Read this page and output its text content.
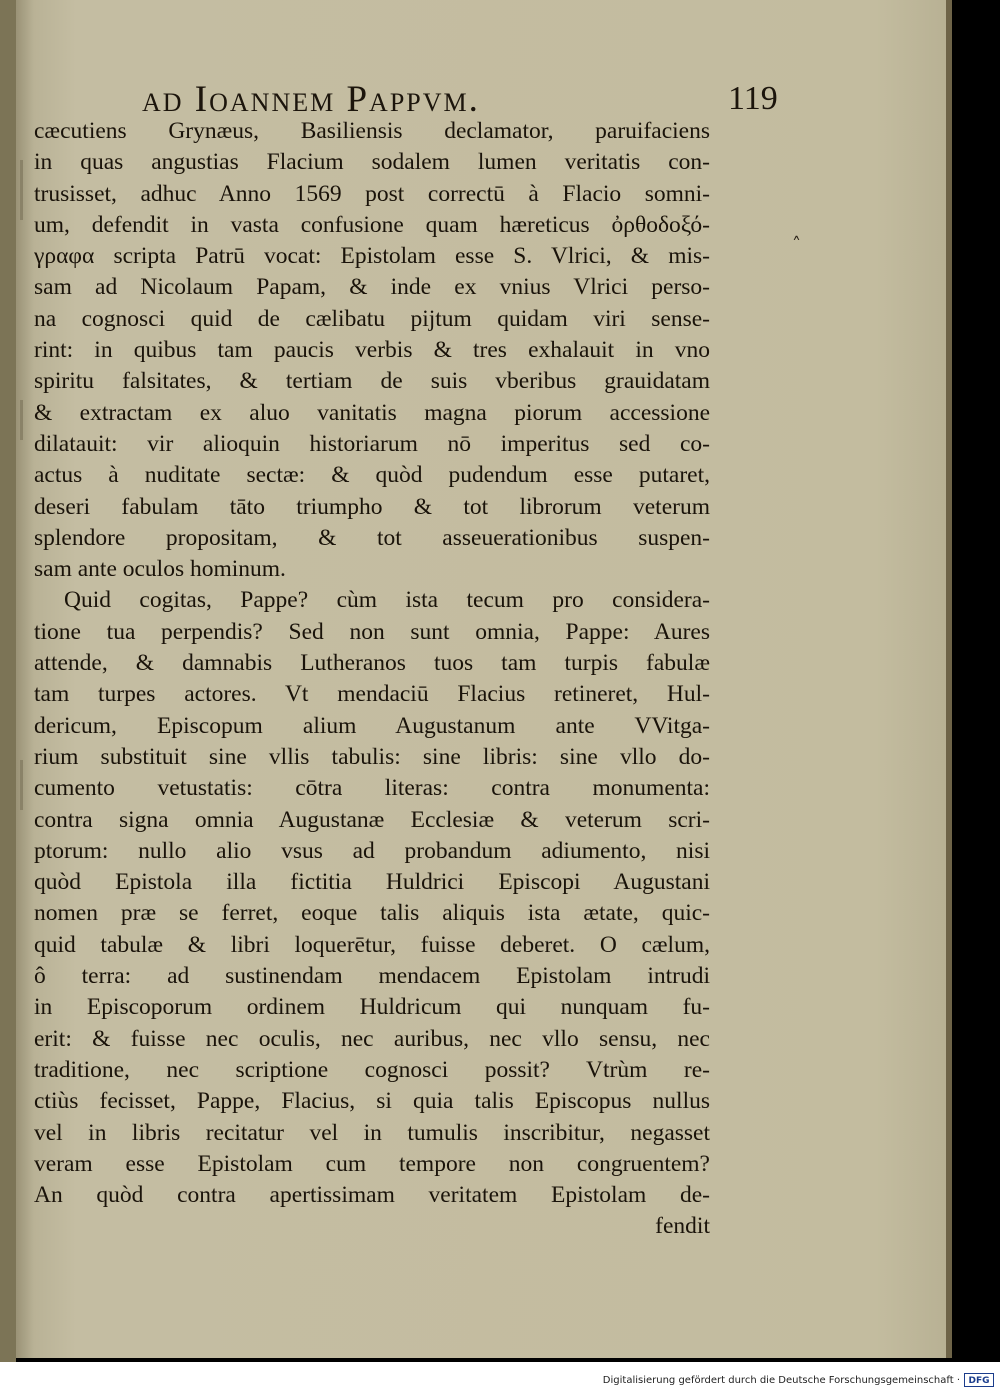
ad Ioannem Pappvm.	119
˄
cæcutiens Grynæus, Basiliensis declamator, paruifaciens
in quas angustias Flacium sodalem lumen veritatis con-
trusisset, adhuc Anno 1569 post correctū à Flacio somni-
um, defendit in vasta confusione quam hæreticus ὀρθοδοξό-
γραφα scripta Patrū vocat: Epistolam esse S. Vlrici, & mis-
sam ad Nicolaum Papam, & inde ex vnius Vlrici perso-
na cognosci quid de cælibatu pijtum quidam viri sense-
rint: in quibus tam paucis verbis & tres exhalauit in vno
spiritu falsitates, & tertiam de suis vberibus grauidatam
& extractam ex aluo vanitatis magna piorum accessione
dilatauit: vir alioquin historiarum nō imperitus sed co-
actus à nuditate sectæ: & quòd pudendum esse putaret,
deseri fabulam tāto triumpho & tot librorum veterum
splendore propositam, & tot asseuerationibus suspen-
sam ante oculos hominum.
Quid cogitas, Pappe? cùm ista tecum pro considera-
tione tua perpendis? Sed non sunt omnia, Pappe: Aures
attende, & damnabis Lutheranos tuos tam turpis fabulæ
tam turpes actores. Vt mendaciū Flacius retineret, Hul-
dericum, Episcopum alium Augustanum ante VVitga-
rium substituit sine vllis tabulis: sine libris: sine vllo do-
cumento vetustatis: cōtra literas: contra monumenta:
contra signa omnia Augustanæ Ecclesiæ & veterum scri-
ptorum: nullo alio vsus ad probandum adiumento, nisi
quòd Epistola illa fictitia Huldrici Episcopi Augustani
nomen præ se ferret, eoque talis aliquis ista ætate, quic-
quid tabulæ & libri loquerētur, fuisse deberet. O cælum,
ô terra: ad sustinendam mendacem Epistolam intrudi
in Episcoporum ordinem Huldricum qui nunquam fu-
erit: & fuisse nec oculis, nec auribus, nec vllo sensu, nec
traditione, nec scriptione cognosci possit? Vtrùm re-
ctiùs fecisset, Pappe, Flacius, si quia talis Episcopus nullus
vel in libris recitatur vel in tumulis inscribitur, negasset
veram esse Epistolam cum tempore non congruentem?
An quòd contra apertissimam veritatem Epistolam de-
fendit
Digitalisierung gefördert durch die Deutsche Forschungsgemeinschaft · DFG
